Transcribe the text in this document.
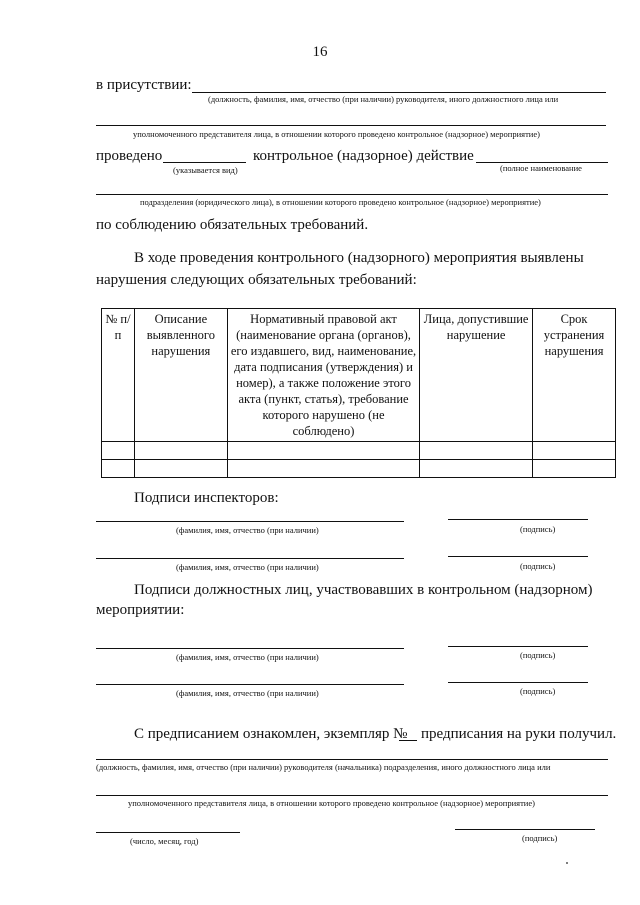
16
в присутствии:
(должность, фамилия, имя, отчество (при наличии) руководителя, иного должностного лица или
уполномоченного представителя лица, в отношении которого проведено контрольное (надзорное) мероприятие)
проведено	контрольное (надзорное) действие
(указывается вид)	(полное наименование
подразделения (юридического лица), в отношении которого проведено контрольное (надзорное) мероприятие)
по соблюдению обязательных требований.
В ходе проведения контрольного (надзорного) мероприятия выявлены
нарушения следующих обязательных требований:
№ п/п	Описание выявленного нарушения	Нормативный правовой акт (наименование органа (органов), его издавшего, вид, наименование, дата подписания (утверждения) и номер), а также положение этого акта (пункт, статья), требование которого нарушено (не соблюдено)	Лица, допустившие нарушение	Срок устранения нарушения

Подписи инспекторов:
(фамилия, имя, отчество (при наличии)	(подпись)
(фамилия, имя, отчество (при наличии)	(подпись)
Подписи должностных лиц, участвовавших в контрольном (надзорном)
мероприятии:
(фамилия, имя, отчество (при наличии)	(подпись)
(фамилия, имя, отчество (при наличии)	(подпись)
С предписанием ознакомлен, экземпляр № предписания на руки получил.
(должность, фамилия, имя, отчество (при наличии) руководителя (начальника) подразделения, иного должностного лица или
уполномоченного представителя лица, в отношении которого проведено контрольное (надзорное) мероприятие)
(число, месяц, год)	(подпись)
